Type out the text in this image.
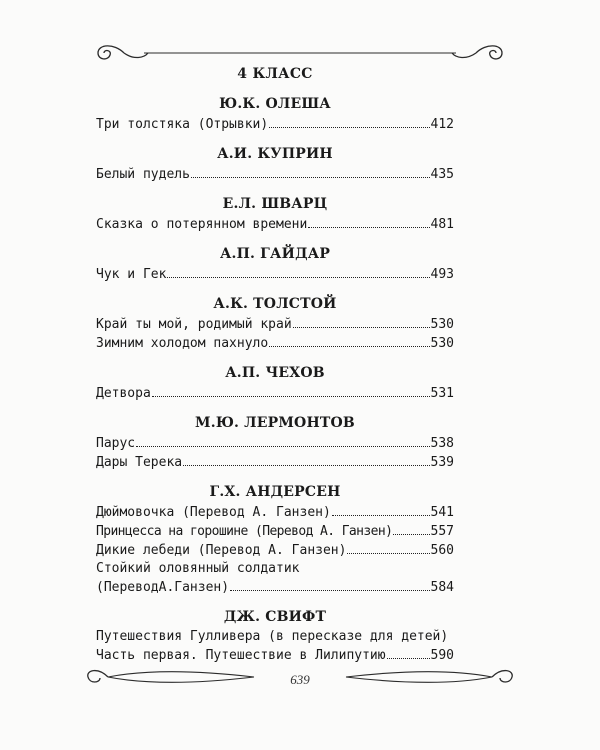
4 КЛАСС
Ю.К. ОЛЕША
Три толстяка (Отрывки)	412
А.И. КУПРИН
Белый пудель	435
Е.Л. ШВАРЦ
Сказка о потерянном времени	481
А.П. ГАЙДАР
Чук и Гек	493
А.К. ТОЛСТОЙ
Край ты мой, родимый край	530
Зимним холодом пахнуло	530
А.П. ЧЕХОВ
Детвора	531
М.Ю. ЛЕРМОНТОВ
Парус	538
Дары Терека	539
Г.Х. АНДЕРСЕН
Дюймовочка (Перевод А. Ганзен)	541
Принцесса на горошине (Перевод А. Ганзен)	557
Дикие лебеди (Перевод А. Ганзен)	560
Стойкий оловянный солдатик
(ПереводА.Ганзен)	584
ДЖ. СВИФТ
Путешествия Гулливера (в пересказе для детей)
Часть первая. Путешествие в Лилипутию	590
639
